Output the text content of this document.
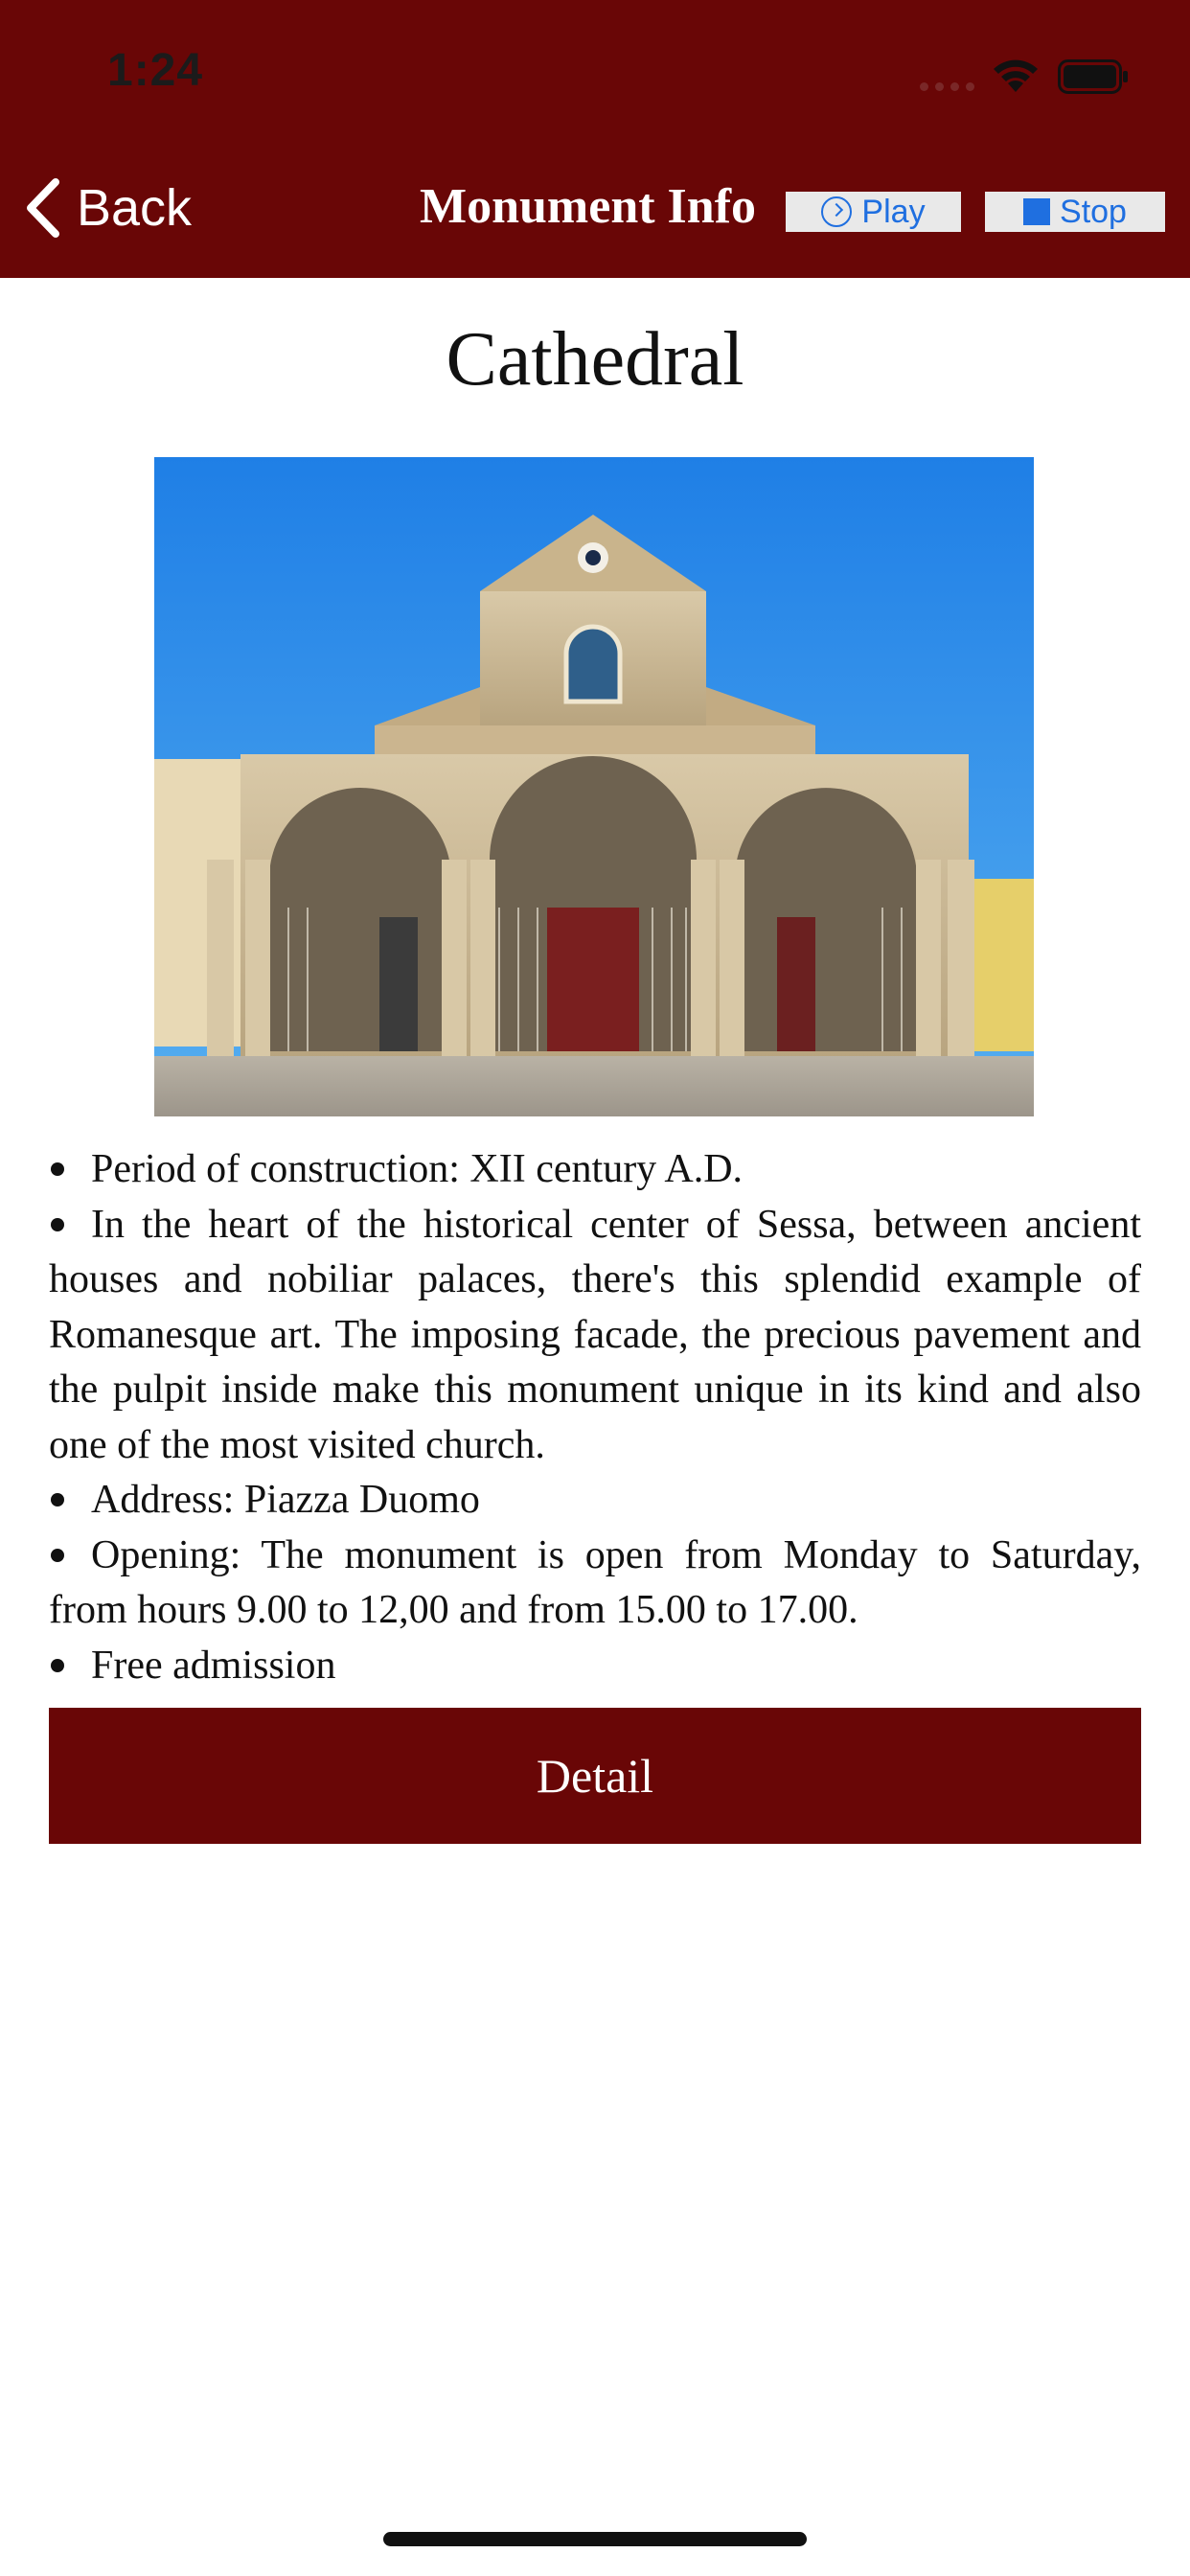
1:24
Back	Monument Info	Play	Stop
Cathedral

Period of construction: XII century A.D.

In the heart of the historical center of Sessa, between ancient houses and nobiliar palaces, there's this splendid example of Romanesque art. The imposing facade, the precious pavement and the pulpit inside make this monument unique in its kind and also one of the most visited church.

Address: Piazza Duomo

Opening: The monument is open from Monday to Saturday, from hours 9.00 to 12,00 and from 15.00 to 17.00.

Free admission

Detail
